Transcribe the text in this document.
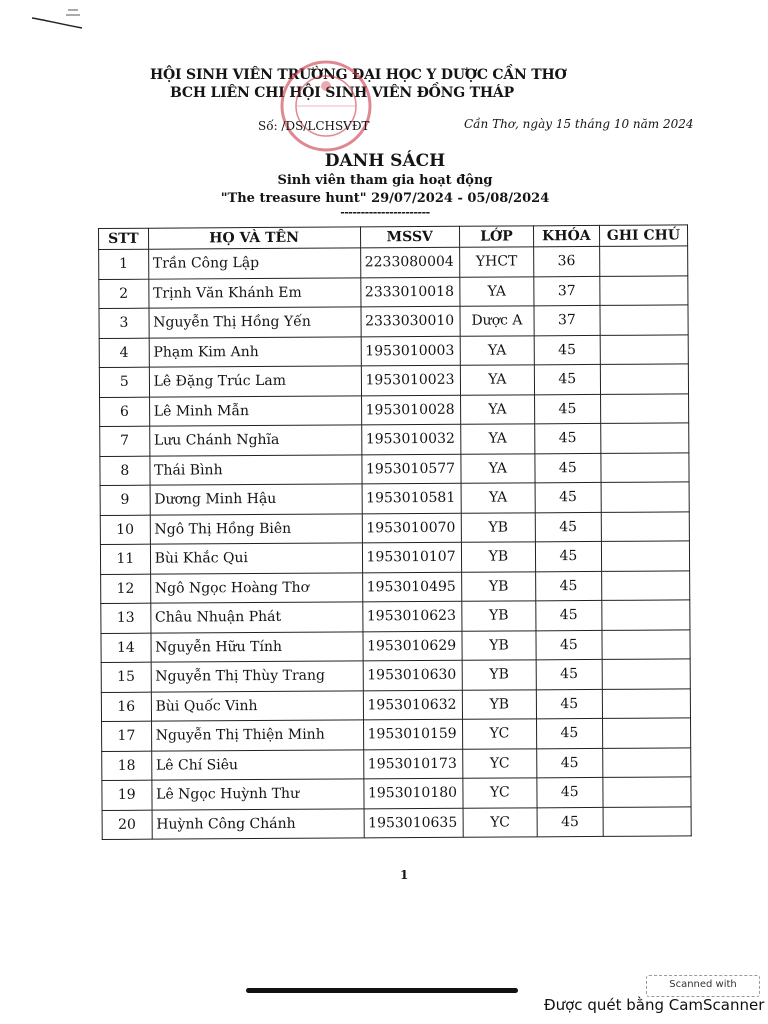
HỘI SINH VIÊN TRƯỜNG ĐẠI HỌC Y DƯỢC CẦN THƠ
BCH LIÊN CHI HỘI SINH VIÊN ĐỒNG THÁP
Số: /DS/LCHSVĐT	Cần Thơ, ngày 15 tháng 10 năm 2024
DANH SÁCH
Sinh viên tham gia hoạt động
"The treasure hunt" 29/07/2024 - 05/08/2024
----------------------
STT	HỌ VÀ TÊN	MSSV	LỚP	KHÓA	GHI CHÚ
1	Trần Công Lập	2233080004	YHCT	36	
2	Trịnh Văn Khánh Em	2333010018	YA	37	
3	Nguyễn Thị Hồng Yến	2333030010	Dược A	37	
4	Phạm Kim Anh	1953010003	YA	45	
5	Lê Đặng Trúc Lam	1953010023	YA	45	
6	Lê Minh Mẫn	1953010028	YA	45	
7	Lưu Chánh Nghĩa	1953010032	YA	45	
8	Thái Bình	1953010577	YA	45	
9	Dương Minh Hậu	1953010581	YA	45	
10	Ngô Thị Hồng Biên	1953010070	YB	45	
11	Bùi Khắc Qui	1953010107	YB	45	
12	Ngô Ngọc Hoàng Thơ	1953010495	YB	45	
13	Châu Nhuận Phát	1953010623	YB	45	
14	Nguyễn Hữu Tính	1953010629	YB	45	
15	Nguyễn Thị Thùy Trang	1953010630	YB	45	
16	Bùi Quốc Vinh	1953010632	YB	45	
17	Nguyễn Thị Thiện Minh	1953010159	YC	45	
18	Lê Chí Siêu	1953010173	YC	45	
19	Lê Ngọc Huỳnh Thư	1953010180	YC	45	
20	Huỳnh Công Chánh	1953010635	YC	45	
1
Scanned with
Được quét bằng CamScanner
